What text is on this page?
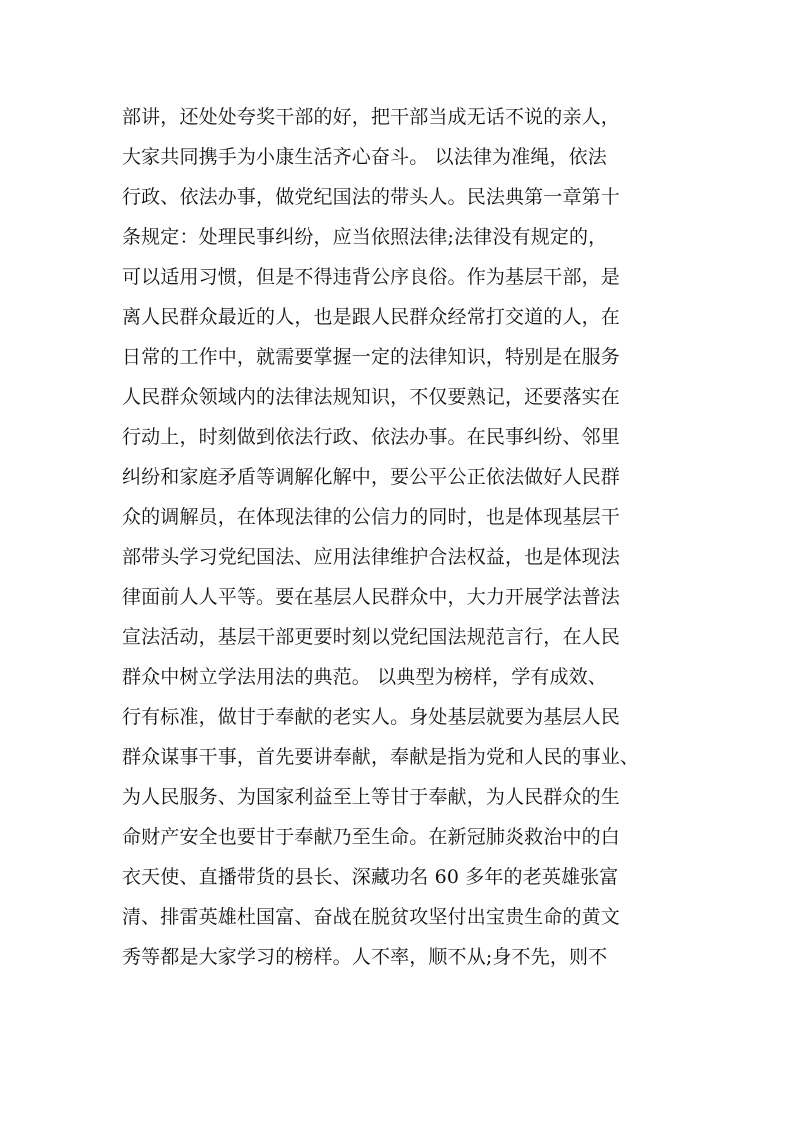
部讲，还处处夸奖干部的好，把干部当成无话不说的亲人，
大家共同携手为小康生活齐心奋斗。 以法律为准绳，依法
行政、依法办事，做党纪国法的带头人。民法典第一章第十
条规定：处理民事纠纷，应当依照法律;法律没有规定的，
可以适用习惯，但是不得违背公序良俗。作为基层干部，是
离人民群众最近的人，也是跟人民群众经常打交道的人，在
日常的工作中，就需要掌握一定的法律知识，特别是在服务
人民群众领域内的法律法规知识，不仅要熟记，还要落实在
行动上，时刻做到依法行政、依法办事。在民事纠纷、邻里
纠纷和家庭矛盾等调解化解中，要公平公正依法做好人民群
众的调解员，在体现法律的公信力的同时，也是体现基层干
部带头学习党纪国法、应用法律维护合法权益，也是体现法
律面前人人平等。要在基层人民群众中，大力开展学法普法
宣法活动，基层干部更要时刻以党纪国法规范言行，在人民
群众中树立学法用法的典范。 以典型为榜样，学有成效、
行有标准，做甘于奉献的老实人。身处基层就要为基层人民
群众谋事干事，首先要讲奉献，奉献是指为党和人民的事业、
为人民服务、为国家利益至上等甘于奉献，为人民群众的生
命财产安全也要甘于奉献乃至生命。在新冠肺炎救治中的白
衣天使、直播带货的县长、深藏功名 60 多年的老英雄张富
清、排雷英雄杜国富、奋战在脱贫攻坚付出宝贵生命的黄文
秀等都是大家学习的榜样。人不率，顺不从;身不先，则不
